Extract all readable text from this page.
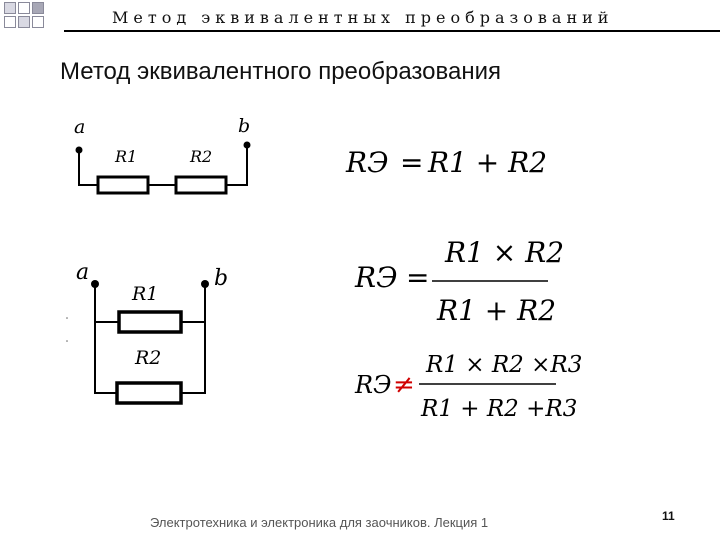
Метод эквивалентных преобразований
Метод эквивалентного преобразования
a	b
R1	R2
a	b
R1
R2
RЭ = R1 + R2
RЭ =
R1 × R2
R1 + R2
RЭ ≠
R1 × R2 ×R3
R1 + R2 +R3
Электротехника и электроника для заочников. Лекция 1	11
